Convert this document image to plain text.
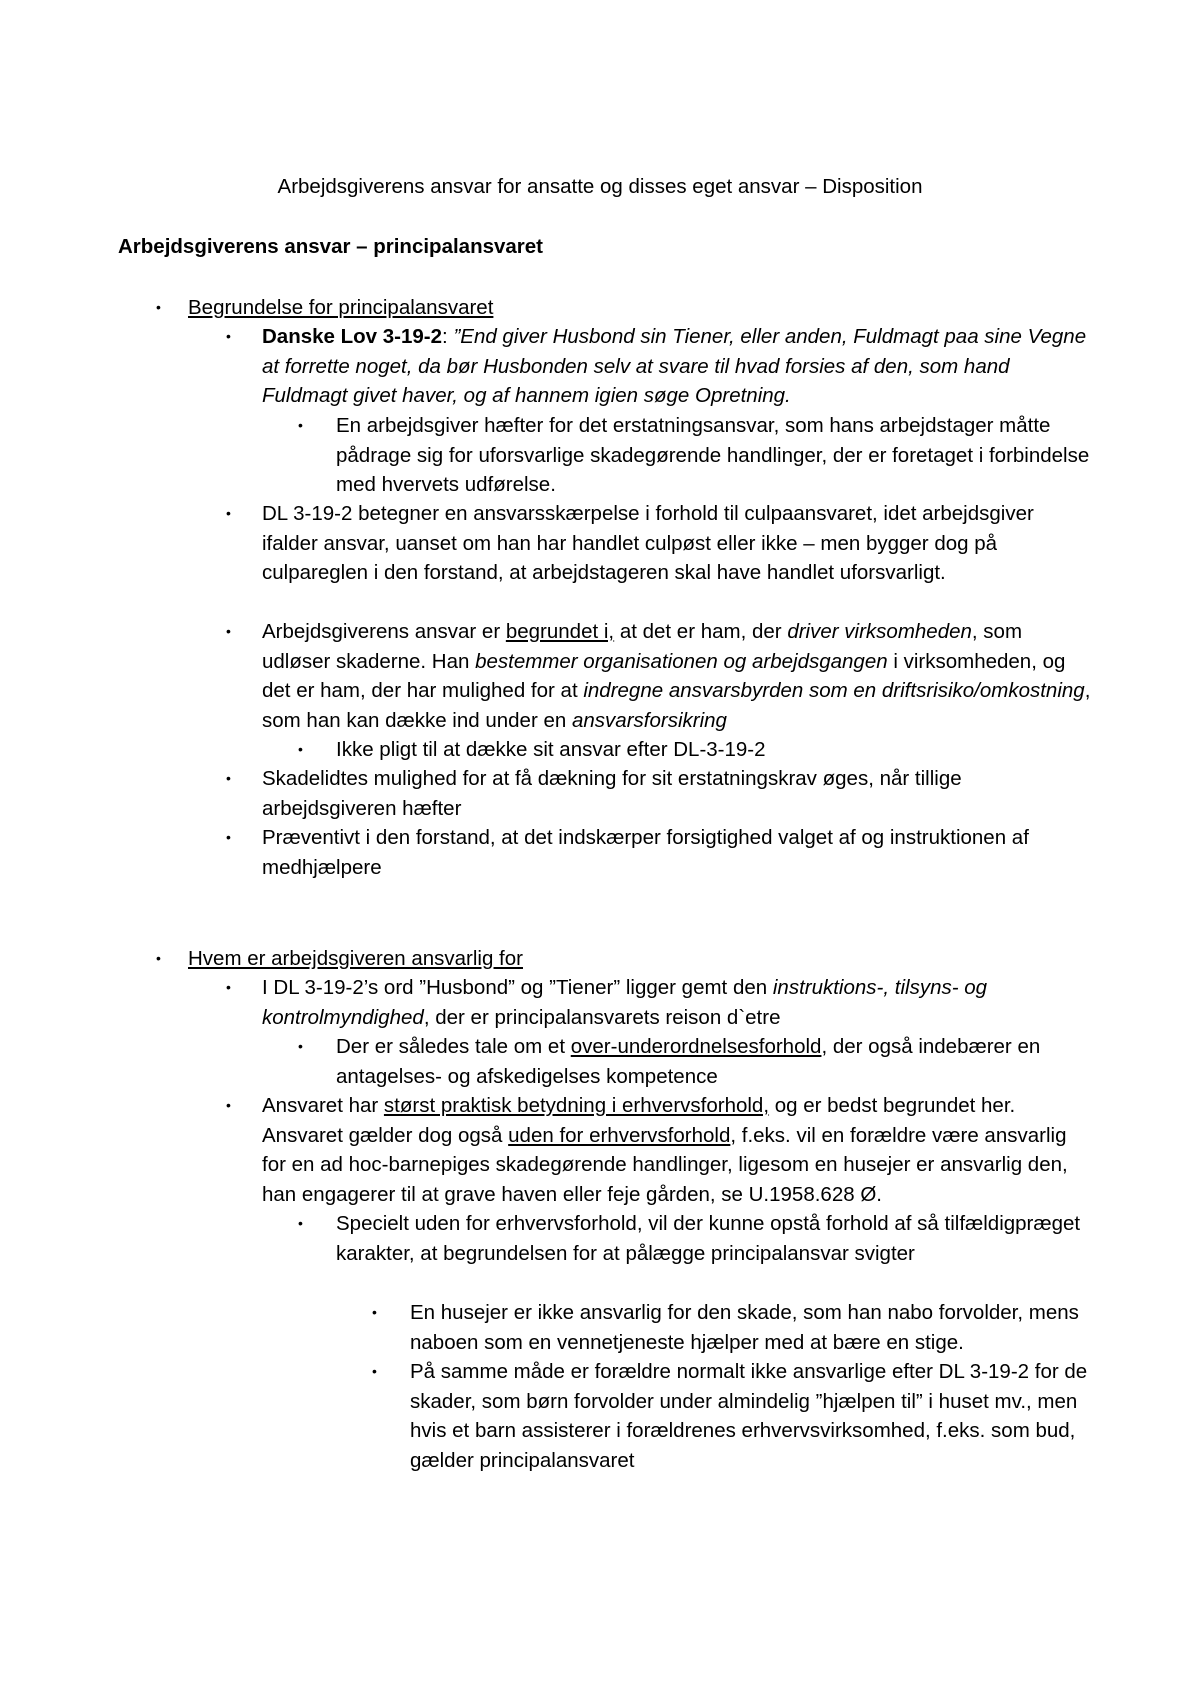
Arbejdsgiverens ansvar for ansatte og disses eget ansvar – Disposition
Arbejdsgiverens ansvar – principalansvaret
• Begrundelse for principalansvaret
• Danske Lov 3-19-2: ”End giver Husbond sin Tiener, eller anden, Fuldmagt paa sine Vegne at forrette noget, da bør Husbonden selv at svare til hvad forsies af den, som hand Fuldmagt givet haver, og af hannem igien søge Opretning.
• En arbejdsgiver hæfter for det erstatningsansvar, som hans arbejdstager måtte pådrage sig for uforsvarlige skadegørende handlinger, der er foretaget i forbindelse med hvervets udførelse.
• DL 3-19-2 betegner en ansvarsskærpelse i forhold til culpaansvaret, idet arbejdsgiver ifalder ansvar, uanset om han har handlet culpøst eller ikke – men bygger dog på culpareglen i den forstand, at arbejdstageren skal have handlet uforsvarligt.
• Arbejdsgiverens ansvar er begrundet i, at det er ham, der driver virksomheden, som udløser skaderne. Han bestemmer organisationen og arbejdsgangen i virksomheden, og det er ham, der har mulighed for at indregne ansvarsbyrden som en driftsrisiko/omkostning, som han kan dække ind under en ansvarsforsikring
• Ikke pligt til at dække sit ansvar efter DL-3-19-2
• Skadelidtes mulighed for at få dækning for sit erstatningskrav øges, når tillige arbejdsgiveren hæfter
• Præventivt i den forstand, at det indskærper forsigtighed valget af og instruktionen af medhjælpere
• Hvem er arbejdsgiveren ansvarlig for
• I DL 3-19-2’s ord ”Husbond” og ”Tiener” ligger gemt den instruktions-, tilsyns- og kontrolmyndighed, der er principalansvarets reison d`etre
• Der er således tale om et over-underordnelsesforhold, der også indebærer en antagelses- og afskedigelses kompetence
• Ansvaret har størst praktisk betydning i erhvervsforhold, og er bedst begrundet her. Ansvaret gælder dog også uden for erhvervsforhold, f.eks. vil en forældre være ansvarlig for en ad hoc-barnepiges skadegørende handlinger, ligesom en husejer er ansvarlig den, han engagerer til at grave haven eller feje gården, se U.1958.628 Ø.
• Specielt uden for erhvervsforhold, vil der kunne opstå forhold af så tilfældigpræget karakter, at begrundelsen for at pålægge principalansvar svigter
• En husejer er ikke ansvarlig for den skade, som han nabo forvolder, mens naboen som en vennetjeneste hjælper med at bære en stige.
• På samme måde er forældre normalt ikke ansvarlige efter DL 3-19-2 for de skader, som børn forvolder under almindelig ”hjælpen til” i huset mv., men hvis et barn assisterer i forældrenes erhvervsvirksomhed, f.eks. som bud, gælder principalansvaret
